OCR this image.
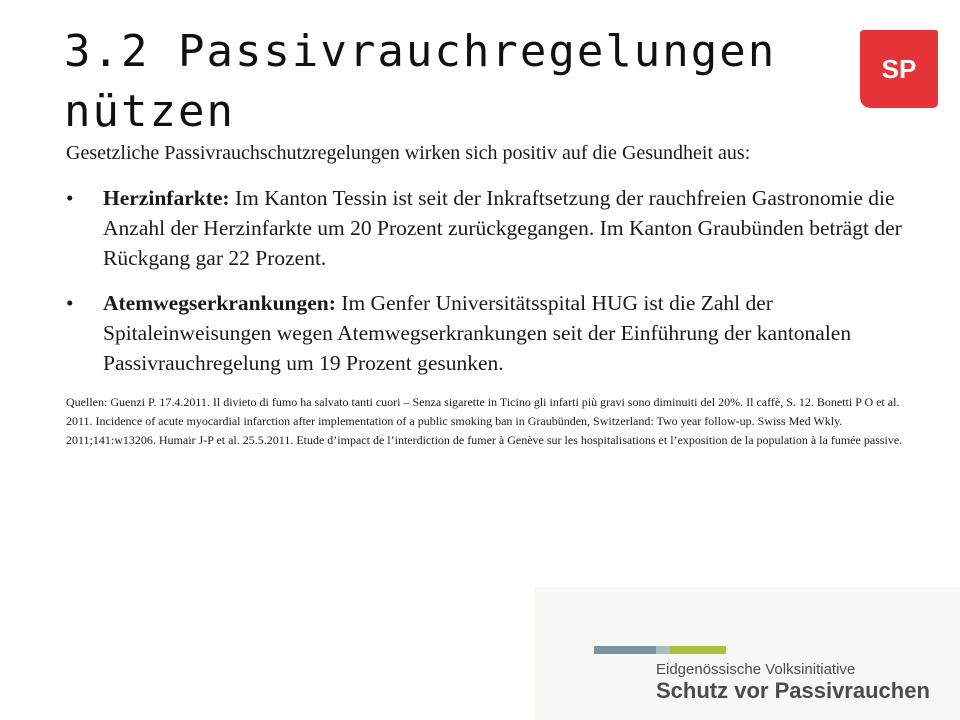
3.2 Passivrauchregelungen nützen
SP

Gesetzliche Passivrauchschutzregelungen wirken sich positiv auf die Gesundheit aus:

• Herzinfarkte: Im Kanton Tessin ist seit der Inkraftsetzung der rauchfreien Gastronomie die Anzahl der Herzinfarkte um 20 Prozent zurückgegangen. Im Kanton Graubünden beträgt der Rückgang gar 22 Prozent.
• Atemwegserkrankungen: Im Genfer Universitätsspital HUG ist die Zahl der Spitaleinweisungen wegen Atemwegserkrankungen seit der Einführung der kantonalen Passivrauchregelung um 19 Prozent gesunken.

Quellen: Guenzi P. 17.4.2011. Il divieto di fumo ha salvato tanti cuori – Senza sigarette in Ticino gli infarti più gravi sono diminuiti del 20%. Il caffè, S. 12. Bonetti P O et al. 2011. Incidence of acute myocardial infarction after implementation of a public smoking ban in Graubünden, Switzerland: Two year follow-up. Swiss Med Wkly. 2011;141:w13206. Humair J-P et al. 25.5.2011. Etude d’impact de l’interdiction de fumer à Genève sur les hospitalisations et l’exposition de la population à la fumée passive.

Eidgenössische Volksinitiative
Schutz vor Passivrauchen
